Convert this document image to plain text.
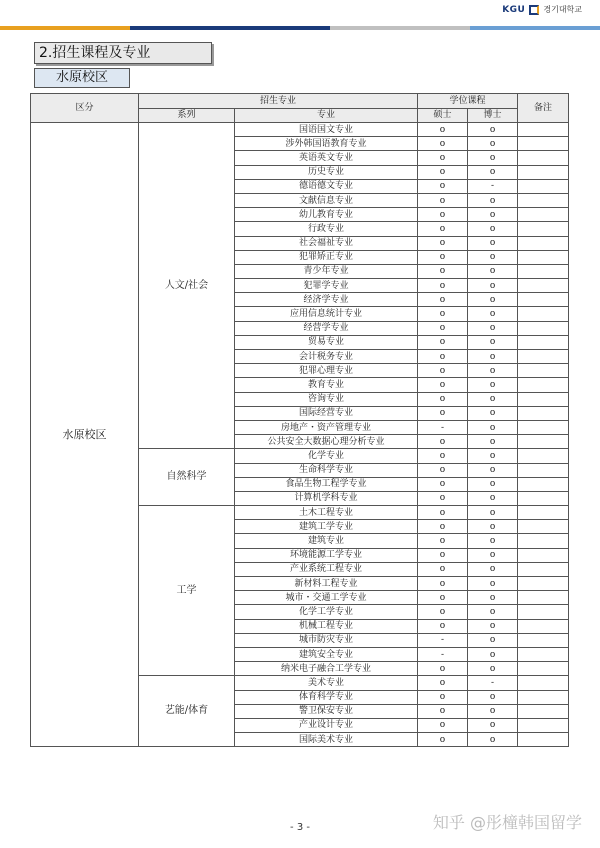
KGU 경기대학교
2.招生课程及专业
水原校区
区分	招生专业		学位课程		备注
	系列	专业	硕士	博士	
水原校区	人文/社会	国语国文专业	o	o	
		涉外韩国语教育专业	o	o	
		英语英文专业	o	o	
		历史专业	o	o	
		德语德文专业	o	-	
		文献信息专业	o	o	
		幼儿教育专业	o	o	
		行政专业	o	o	
		社会福祉专业	o	o	
		犯罪矫正专业	o	o	
		青少年专业	o	o	
		犯罪学专业	o	o	
		经济学专业	o	o	
		应用信息统计专业	o	o	
		经营学专业	o	o	
		贸易专业	o	o	
		会计税务专业	o	o	
		犯罪心理专业	o	o	
		教育专业	o	o	
		咨询专业	o	o	
		国际经营专业	o	o	
		房地产・资产管理专业	-	o	
		公共安全大数据心理分析专业	o	o	
	自然科学	化学专业	o	o	
		生命科学专业	o	o	
		食品生物工程学专业	o	o	
		计算机学科专业	o	o	
	工学	土木工程专业	o	o	
		建筑工学专业	o	o	
		建筑专业	o	o	
		环境能源工学专业	o	o	
		产业系统工程专业	o	o	
		新材料工程专业	o	o	
		城市・交通工学专业	o	o	
		化学工学专业	o	o	
		机械工程专业	o	o	
		城市防灾专业	-	o	
		建筑安全专业	-	o	
		纳米电子融合工学专业	o	o	
	艺能/体育	美术专业	o	-	
		体育科学专业	o	o	
		警卫保安专业	o	o	
		产业设计专业	o	o	
		国际美术专业	o	o	
知乎 @彤橦韩国留学
- 3 -
